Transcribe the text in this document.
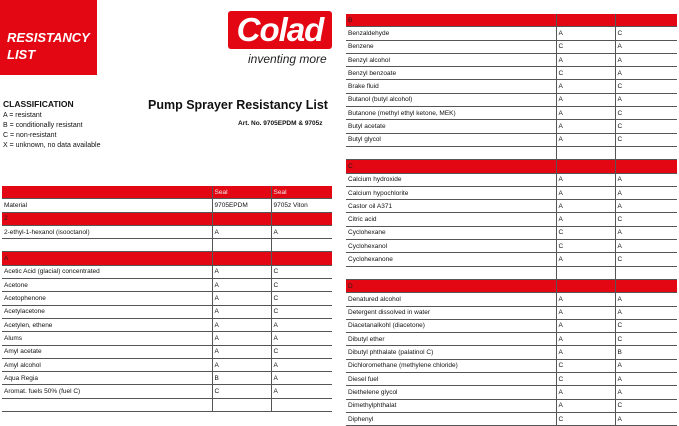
RESISTANCY
LIST
Colad
inventing more
CLASSIFICATION
A = resistant
B = conditionally resistant
C = non-resistant
X = unknown, no data available
Pump Sprayer Resistancy List
Art. No. 9705EPDM & 9705z
	Seal	Seal
Material	9705EPDM	9705z Viton
2		
2-ethyl-1-hexanol (isooctanol)	A	A

A		
Acetic Acid (glacial) concentrated	A	C
Acetone	A	C
Acetophenone	A	C
Acetylacetone	A	C
Acetylen, ethene	A	A
Alums	A	A
Amyl acetate	A	C
Amyl alcohol	A	A
Aqua Regia	B	A
Aromat. fuels 50% (fuel C)	C	A

B		
Benzaldehyde	A	C
Benzene	C	A
Benzyl alcohol	A	A
Benzyl benzoate	C	A
Brake fluid	A	C
Butanol (butyl alcohol)	A	A
Butanone (methyl ethyl ketone, MEK)	A	C
Butyl acetate	A	C
Butyl glycol	A	C

C		
Calcium hydroxide	A	A
Calcium hypochlorite	A	A
Castor oil A371	A	A
Citric acid	A	C
Cyclohexane	C	A
Cyclohexanol	C	A
Cyclohexanone	A	C

D		
Denatured alcohol	A	A
Detergent dissolved in water	A	A
Diacetanalkohl (diacetone)	A	C
Dibutyl ether	A	C
Dibutyl phthalate (palatinol C)	A	B
Dichloromethane (methylene chloride)	C	A
Diesel fuel	C	A
Diethelene glycol	A	A
Dimethylphthalat	A	C
Diphenyl	C	A
